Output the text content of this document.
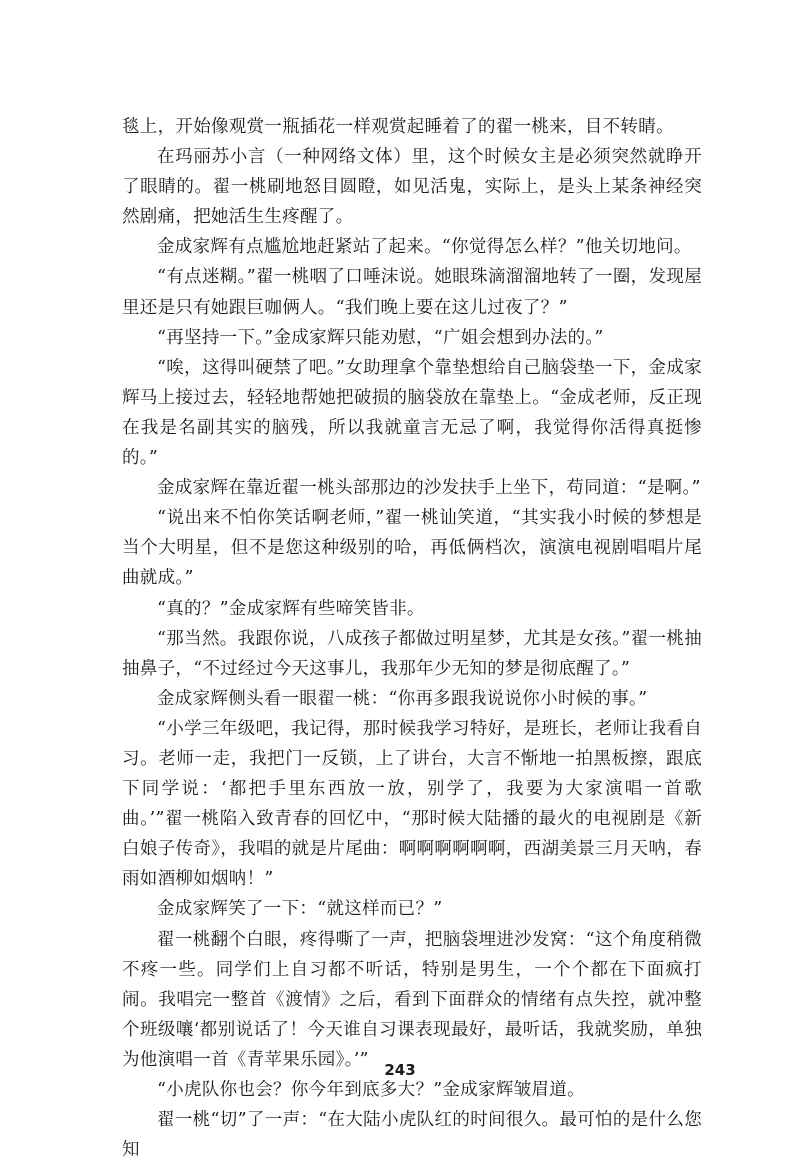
毯上，开始像观赏一瓶插花一样观赏起睡着了的翟一桃来，目不转睛。

在玛丽苏小言（一种网络文体）里，这个时候女主是必须突然就睁开了眼睛的。翟一桃刷地怒目圆瞪，如见活鬼，实际上，是头上某条神经突然剧痛，把她活生生疼醒了。

金成家辉有点尴尬地赶紧站了起来。“你觉得怎么样？”他关切地问。

“有点迷糊。”翟一桃咽了口唾沫说。她眼珠滴溜溜地转了一圈，发现屋里还是只有她跟巨咖俩人。“我们晚上要在这儿过夜了？”

“再坚持一下。”金成家辉只能劝慰，“广姐会想到办法的。”

“唉，这得叫硬禁了吧。”女助理拿个靠垫想给自己脑袋垫一下，金成家辉马上接过去，轻轻地帮她把破损的脑袋放在靠垫上。“金成老师，反正现在我是名副其实的脑残，所以我就童言无忌了啊，我觉得你活得真挺惨的。”

金成家辉在靠近翟一桃头部那边的沙发扶手上坐下，苟同道：“是啊。”

“说出来不怕你笑话啊老师，”翟一桃讪笑道，“其实我小时候的梦想是当个大明星，但不是您这种级别的哈，再低俩档次，演演电视剧唱唱片尾曲就成。”

“真的？”金成家辉有些啼笑皆非。

“那当然。我跟你说，八成孩子都做过明星梦，尤其是女孩。”翟一桃抽抽鼻子，“不过经过今天这事儿，我那年少无知的梦是彻底醒了。”

金成家辉侧头看一眼翟一桃：“你再多跟我说说你小时候的事。”

“小学三年级吧，我记得，那时候我学习特好，是班长，老师让我看自习。老师一走，我把门一反锁，上了讲台，大言不惭地一拍黑板擦，跟底下同学说：‘都把手里东西放一放，别学了，我要为大家演唱一首歌曲。’”翟一桃陷入致青春的回忆中，“那时候大陆播的最火的电视剧是《新白娘子传奇》，我唱的就是片尾曲：啊啊啊啊啊啊，西湖美景三月天呐，春雨如酒柳如烟呐！”

金成家辉笑了一下：“就这样而已？”

翟一桃翻个白眼，疼得嘶了一声，把脑袋埋进沙发窝：“这个角度稍微不疼一些。同学们上自习都不听话，特别是男生，一个个都在下面疯打闹。我唱完一整首《渡情》之后，看到下面群众的情绪有点失控，就冲整个班级嚷‘都别说话了！今天谁自习课表现最好，最听话，我就奖励，单独为他演唱一首《青苹果乐园》。’”

“小虎队你也会？你今年到底多大？”金成家辉皱眉道。

翟一桃“切”了一声：“在大陆小虎队红的时间很久。最可怕的是什么您知

243
